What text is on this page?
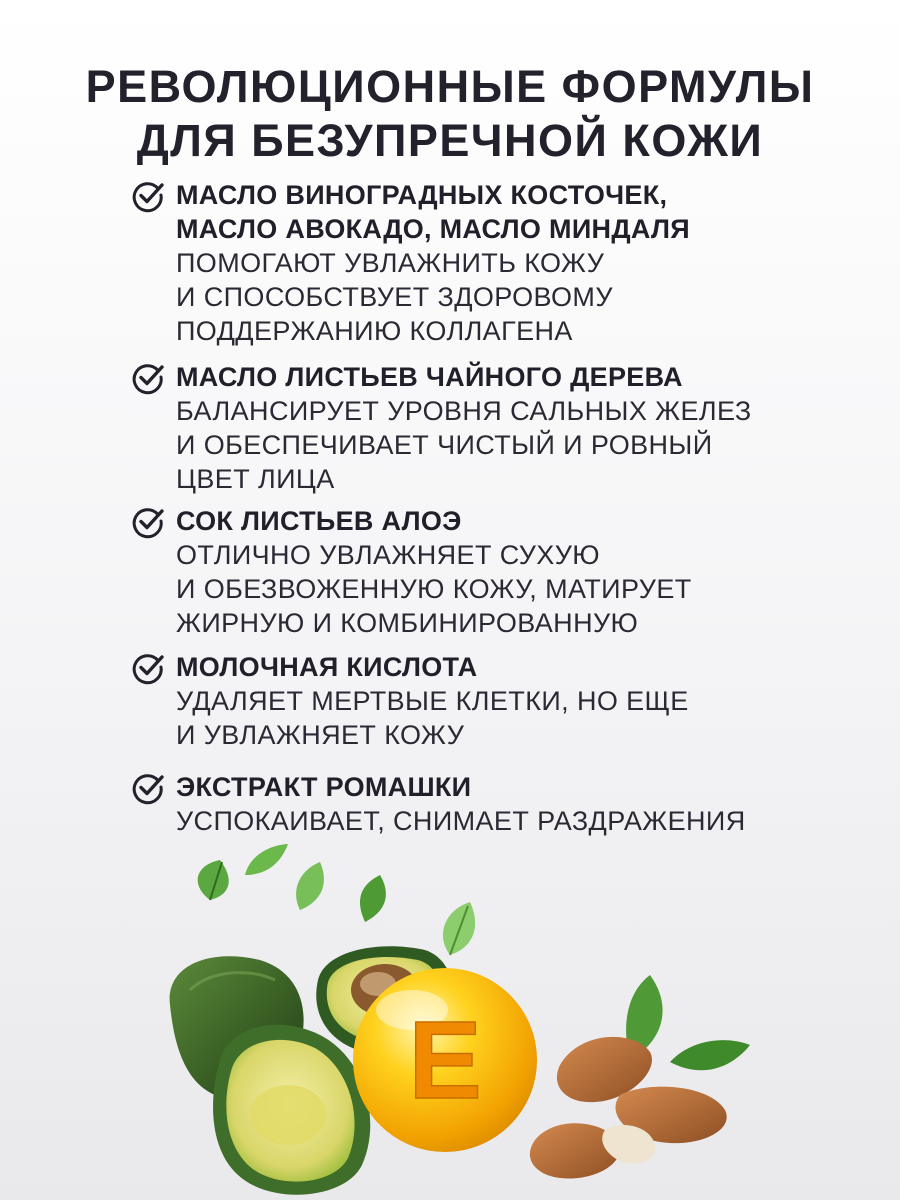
РЕВОЛЮЦИОННЫЕ ФОРМУЛЫ
ДЛЯ БЕЗУПРЕЧНОЙ КОЖИ
МАСЛО ВИНОГРАДНЫХ КОСТОЧЕК,
МАСЛО АВОКАДО, МАСЛО МИНДАЛЯ
ПОМОГАЮТ УВЛАЖНИТЬ КОЖУ
И СПОСОБСТВУЕТ ЗДОРОВОМУ
ПОДДЕРЖАНИЮ КОЛЛАГЕНА
МАСЛО ЛИСТЬЕВ ЧАЙНОГО ДЕРЕВА
БАЛАНСИРУЕТ УРОВНЯ САЛЬНЫХ ЖЕЛЕЗ
И ОБЕСПЕЧИВАЕТ ЧИСТЫЙ И РОВНЫЙ
ЦВЕТ ЛИЦА
СОК ЛИСТЬЕВ АЛОЭ
ОТЛИЧНО УВЛАЖНЯЕТ СУХУЮ
И ОБЕЗВОЖЕННУЮ КОЖУ, МАТИРУЕТ
ЖИРНУЮ И КОМБИНИРОВАННУЮ
МОЛОЧНАЯ КИСЛОТА
УДАЛЯЕТ МЕРТВЫЕ КЛЕТКИ, НО ЕЩЕ
И УВЛАЖНЯЕТ КОЖУ
ЭКСТРАКТ РОМАШКИ
УСПОКАИВАЕТ, СНИМАЕТ РАЗДРАЖЕНИЯ
E
